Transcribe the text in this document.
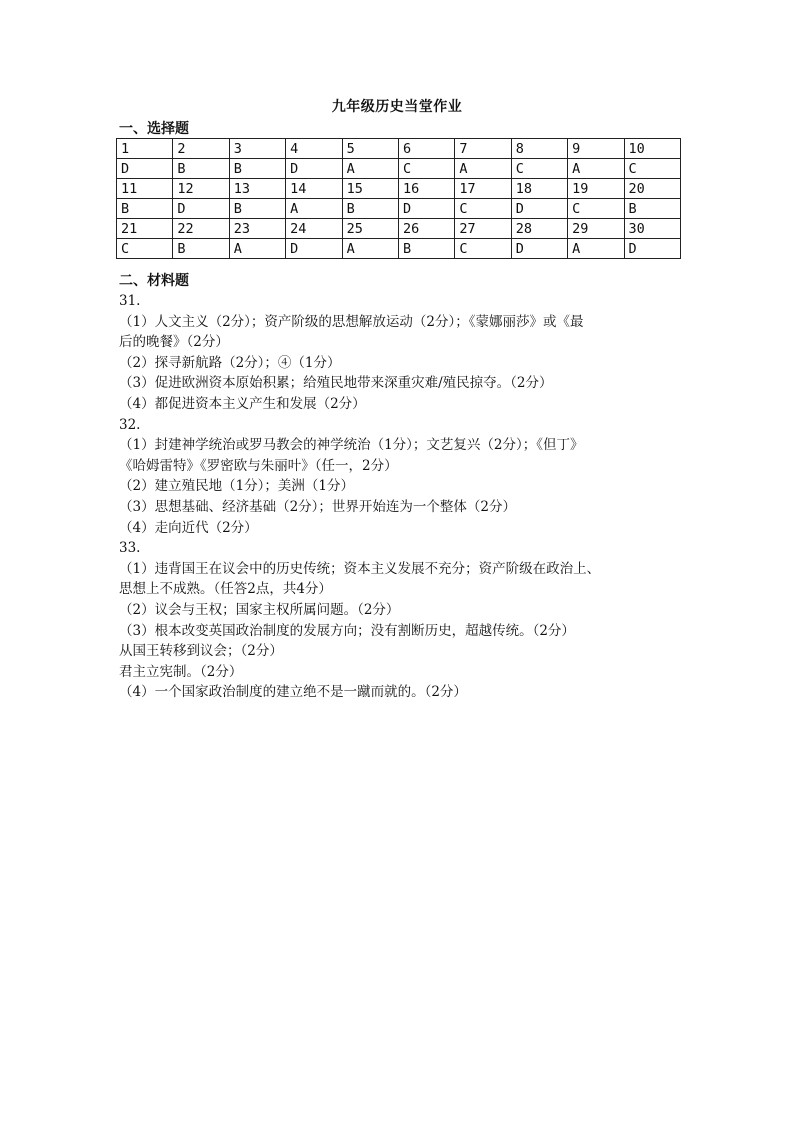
九年级历史当堂作业
一、选择题
1	2	3	4	5	6	7	8	9	10
D	B	B	D	A	C	A	C	A	C
11	12	13	14	15	16	17	18	19	20
B	D	B	A	B	D	C	D	C	B
21	22	23	24	25	26	27	28	29	30
C	B	A	D	A	B	C	D	A	D
二、材料题
31.
（1）人文主义（2分）；资产阶级的思想解放运动（2分）；《蒙娜丽莎》或《最
后的晚餐》（2分）
（2）探寻新航路（2分）；④（1分）
（3）促进欧洲资本原始积累；给殖民地带来深重灾难/殖民掠夺。（2分）
（4）都促进资本主义产生和发展（2分）
32.
（1）封建神学统治或罗马教会的神学统治（1分）；文艺复兴（2分）；《但丁》
《哈姆雷特》《罗密欧与朱丽叶》（任一，2分）
（2）建立殖民地（1分）；美洲（1分）
（3）思想基础、经济基础（2分）；世界开始连为一个整体（2分）
（4）走向近代（2分）
33.
（1）违背国王在议会中的历史传统；资本主义发展不充分；资产阶级在政治上、
思想上不成熟。（任答2点，共4分）
（2）议会与王权；国家主权所属问题。（2分）
（3）根本改变英国政治制度的发展方向；没有割断历史，超越传统。（2分）
从国王转移到议会；（2分）
君主立宪制。（2分）
（4）一个国家政治制度的建立绝不是一蹴而就的。（2分）
